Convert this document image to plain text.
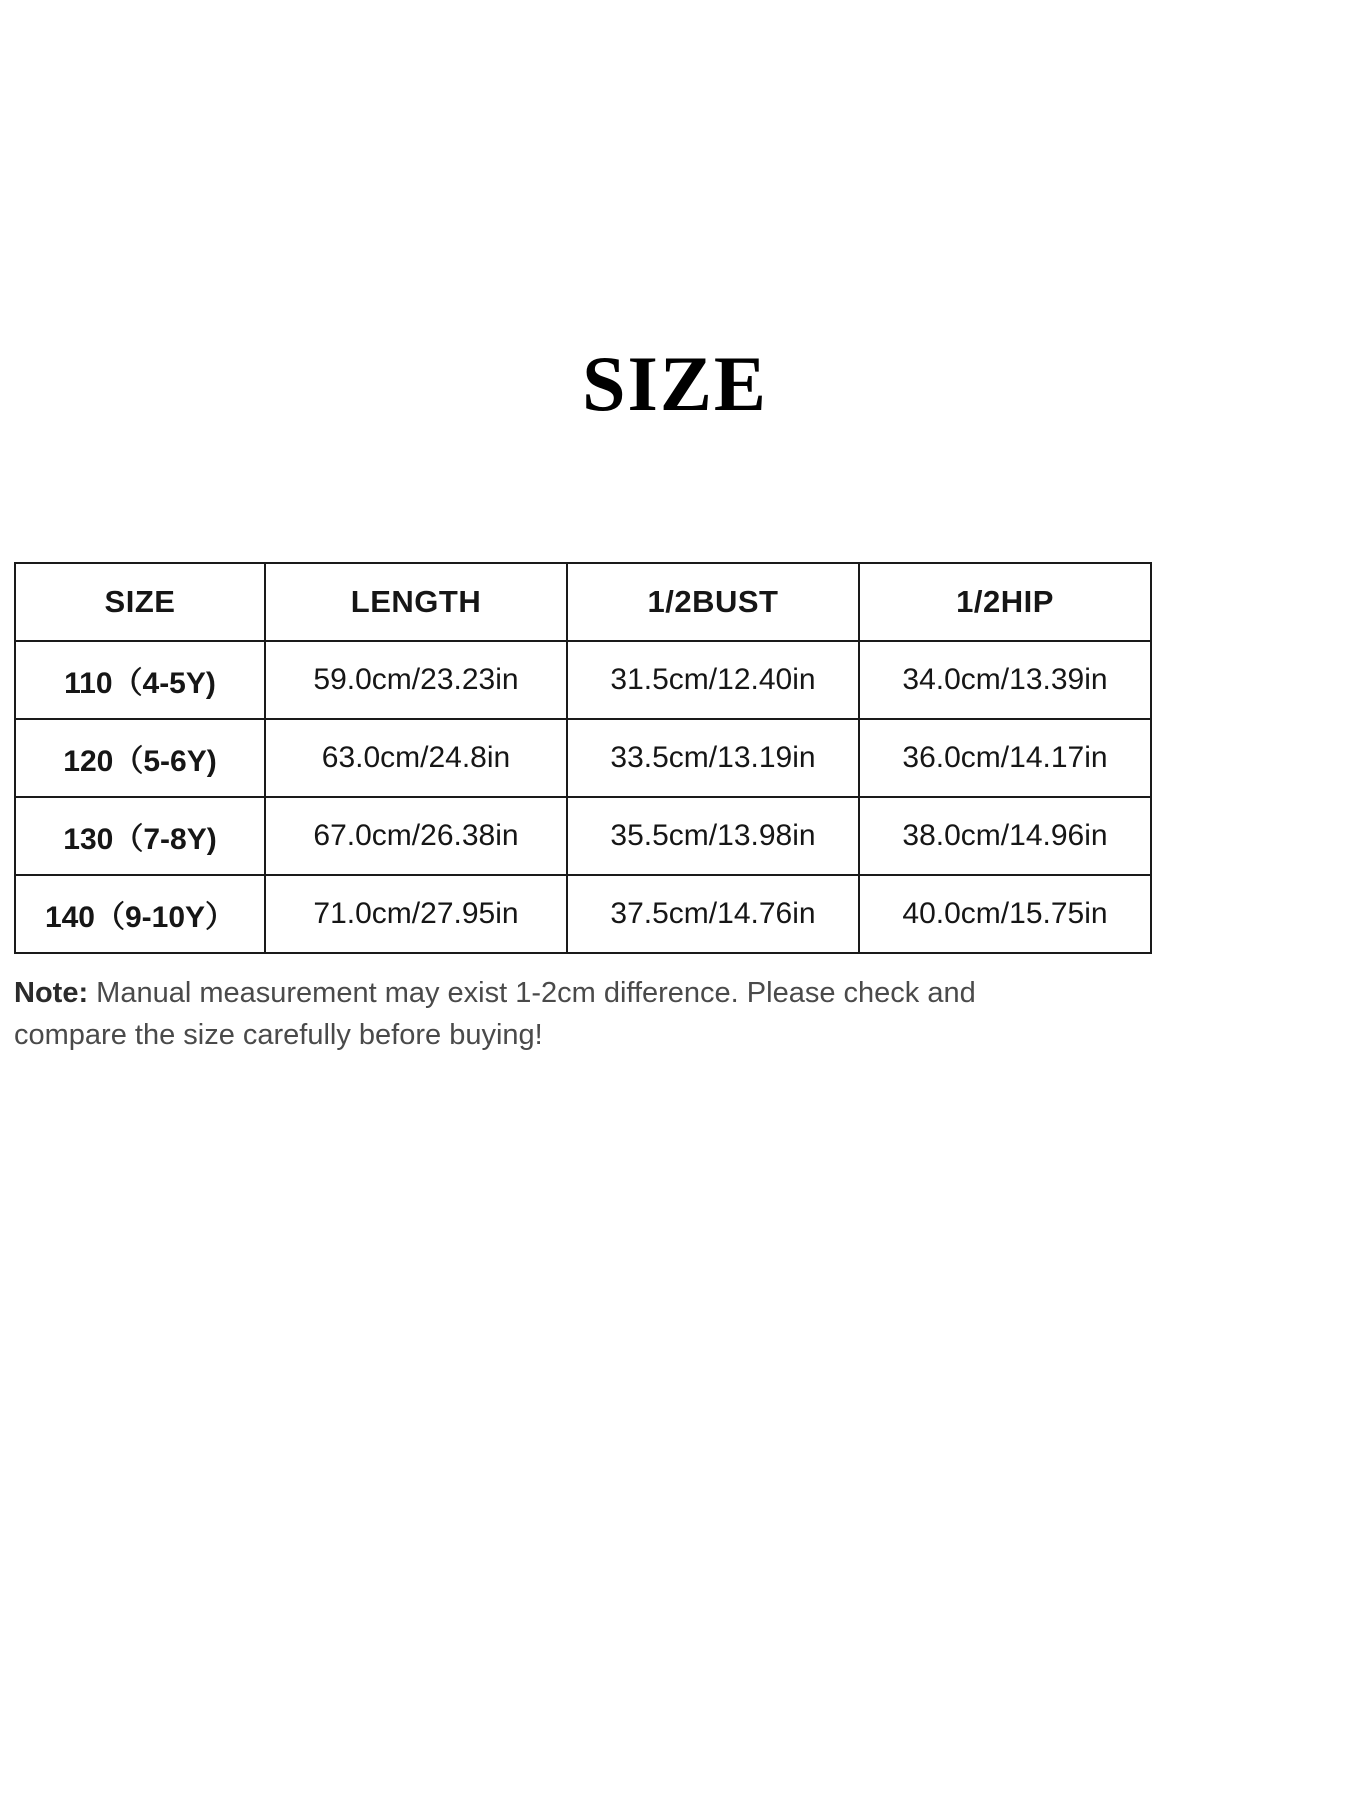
SIZE
SIZE	LENGTH	1/2BUST	1/2HIP
110（4-5Y)	59.0cm/23.23in	31.5cm/12.40in	34.0cm/13.39in
120（5-6Y)	63.0cm/24.8in	33.5cm/13.19in	36.0cm/14.17in
130（7-8Y)	67.0cm/26.38in	35.5cm/13.98in	38.0cm/14.96in
140（9-10Y）	71.0cm/27.95in	37.5cm/14.76in	40.0cm/15.75in
Note: Manual measurement may exist 1-2cm difference. Please check and compare the size carefully before buying!
